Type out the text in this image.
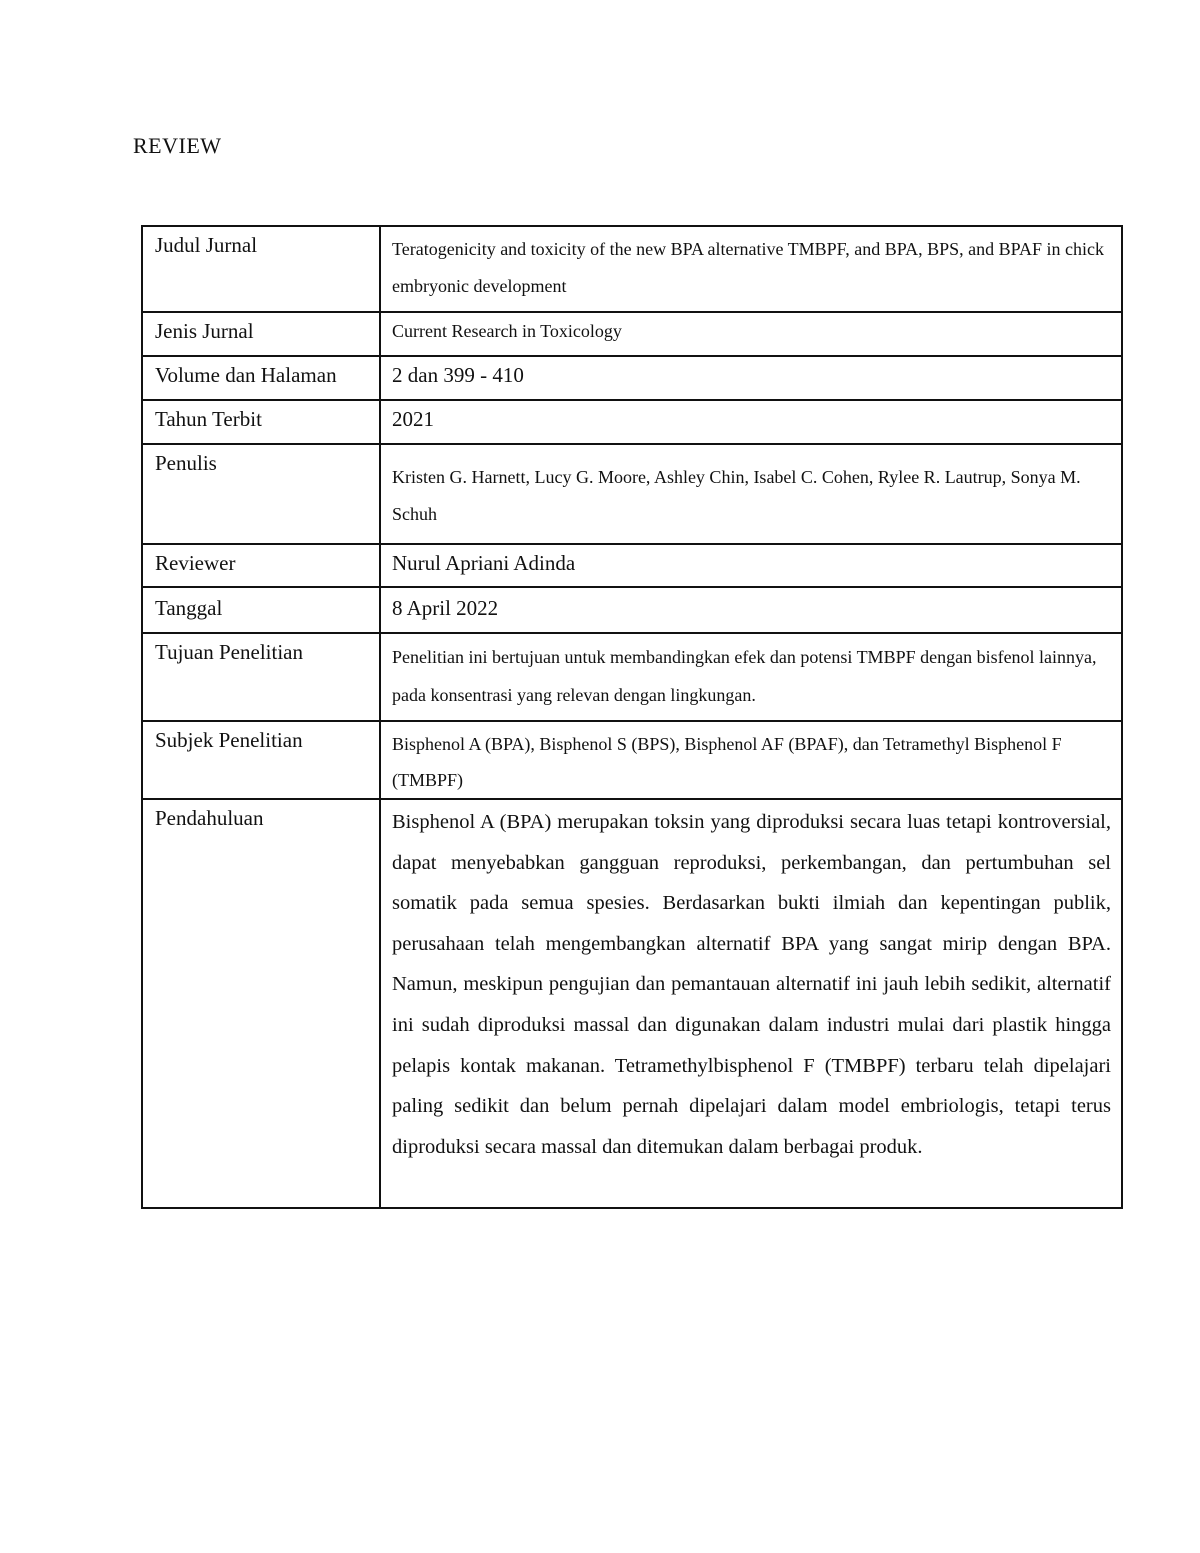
REVIEW
Judul Jurnal	Teratogenicity and toxicity of the new BPA alternative TMBPF, and BPA, BPS, and BPAF in chick embryonic development
Jenis Jurnal	Current Research in Toxicology
Volume dan Halaman	2 dan 399 - 410
Tahun Terbit	2021
Penulis	Kristen G. Harnett, Lucy G. Moore, Ashley Chin, Isabel C. Cohen, Rylee R. Lautrup, Sonya M. Schuh
Reviewer	Nurul Apriani Adinda
Tanggal	8 April 2022
Tujuan Penelitian	Penelitian ini bertujuan untuk membandingkan efek dan potensi TMBPF dengan bisfenol lainnya, pada konsentrasi yang relevan dengan lingkungan.
Subjek Penelitian	Bisphenol A (BPA), Bisphenol S (BPS), Bisphenol AF (BPAF), dan Tetramethyl Bisphenol F (TMBPF)
Pendahuluan	Bisphenol A (BPA) merupakan toksin yang diproduksi secara luas tetapi kontroversial, dapat menyebabkan gangguan reproduksi, perkembangan, dan pertumbuhan sel somatik pada semua spesies. Berdasarkan bukti ilmiah dan kepentingan publik, perusahaan telah mengembangkan alternatif BPA yang sangat mirip dengan BPA. Namun, meskipun pengujian dan pemantauan alternatif ini jauh lebih sedikit, alternatif ini sudah diproduksi massal dan digunakan dalam industri mulai dari plastik hingga pelapis kontak makanan. Tetramethylbisphenol F (TMBPF) terbaru telah dipelajari paling sedikit dan belum pernah dipelajari dalam model embriologis, tetapi terus diproduksi secara massal dan ditemukan dalam berbagai produk.
